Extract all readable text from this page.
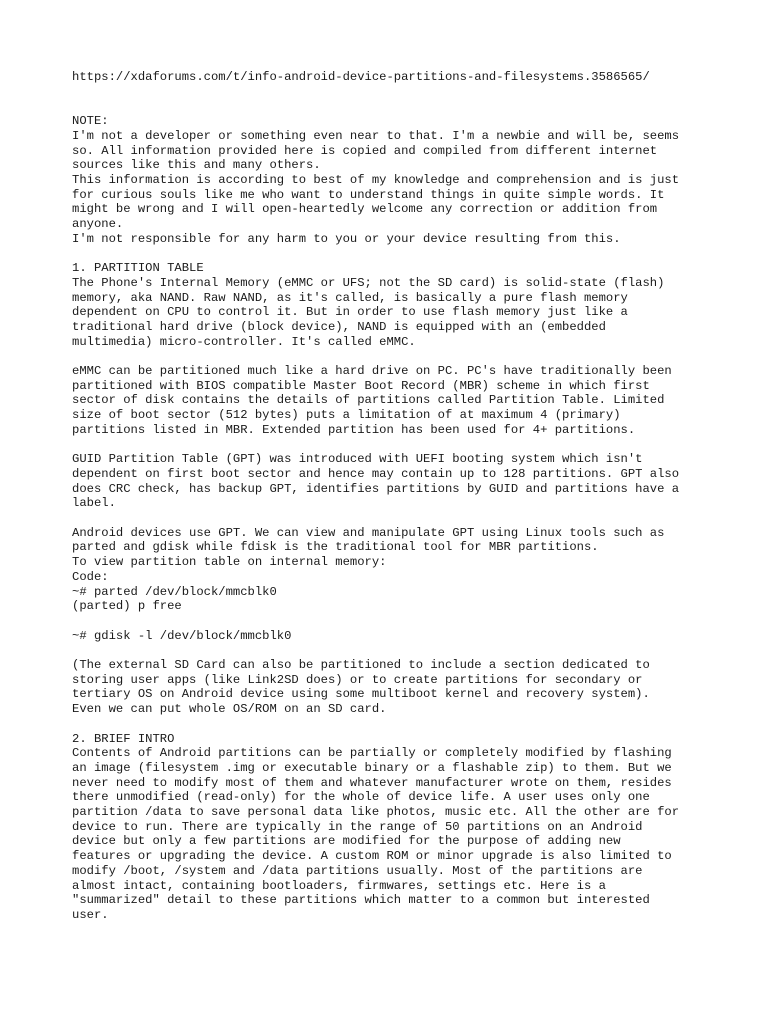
https://xdaforums.com/t/info-android-device-partitions-and-filesystems.3586565/
NOTE:
I'm not a developer or something even near to that. I'm a newbie and will be, seems
so. All information provided here is copied and compiled from different internet
sources like this and many others.
This information is according to best of my knowledge and comprehension and is just
for curious souls like me who want to understand things in quite simple words. It
might be wrong and I will open-heartedly welcome any correction or addition from
anyone.
I'm not responsible for any harm to you or your device resulting from this.
1. PARTITION TABLE
The Phone's Internal Memory (eMMC or UFS; not the SD card) is solid-state (flash)
memory, aka NAND. Raw NAND, as it's called, is basically a pure flash memory
dependent on CPU to control it. But in order to use flash memory just like a
traditional hard drive (block device), NAND is equipped with an (embedded
multimedia) micro-controller. It's called eMMC.
eMMC can be partitioned much like a hard drive on PC. PC's have traditionally been
partitioned with BIOS compatible Master Boot Record (MBR) scheme in which first
sector of disk contains the details of partitions called Partition Table. Limited
size of boot sector (512 bytes) puts a limitation of at maximum 4 (primary)
partitions listed in MBR. Extended partition has been used for 4+ partitions.
GUID Partition Table (GPT) was introduced with UEFI booting system which isn't
dependent on first boot sector and hence may contain up to 128 partitions. GPT also
does CRC check, has backup GPT, identifies partitions by GUID and partitions have a
label.
Android devices use GPT. We can view and manipulate GPT using Linux tools such as
parted and gdisk while fdisk is the traditional tool for MBR partitions.
To view partition table on internal memory:
Code:
~# parted /dev/block/mmcblk0
(parted) p free
~# gdisk -l /dev/block/mmcblk0
(The external SD Card can also be partitioned to include a section dedicated to
storing user apps (like Link2SD does) or to create partitions for secondary or
tertiary OS on Android device using some multiboot kernel and recovery system).
Even we can put whole OS/ROM on an SD card.
2. BRIEF INTRO
Contents of Android partitions can be partially or completely modified by flashing
an image (filesystem .img or executable binary or a flashable zip) to them. But we
never need to modify most of them and whatever manufacturer wrote on them, resides
there unmodified (read-only) for the whole of device life. A user uses only one
partition /data to save personal data like photos, music etc. All the other are for
device to run. There are typically in the range of 50 partitions on an Android
device but only a few partitions are modified for the purpose of adding new
features or upgrading the device. A custom ROM or minor upgrade is also limited to
modify /boot, /system and /data partitions usually. Most of the partitions are
almost intact, containing bootloaders, firmwares, settings etc. Here is a
"summarized" detail to these partitions which matter to a common but interested
user.
